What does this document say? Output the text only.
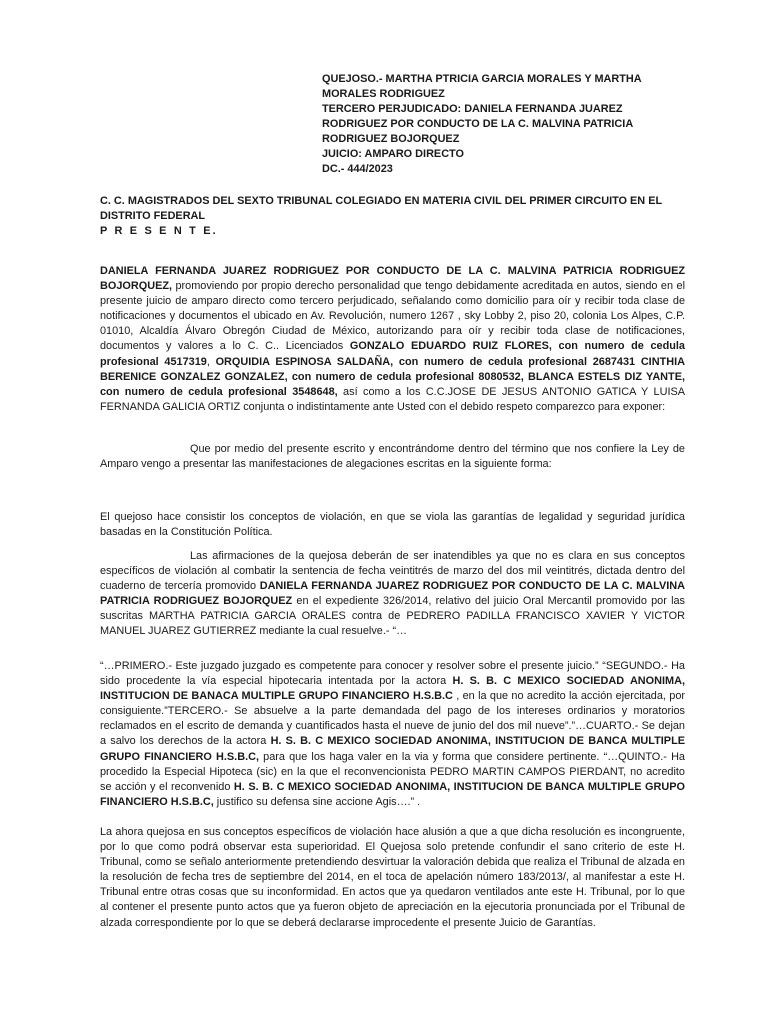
QUEJOSO.- MARTHA PTRICIA GARCIA MORALES Y MARTHA
MORALES RODRIGUEZ
TERCERO PERJUDICADO: DANIELA FERNANDA JUAREZ
RODRIGUEZ POR CONDUCTO DE LA C. MALVINA PATRICIA
RODRIGUEZ BOJORQUEZ
JUICIO: AMPARO DIRECTO
DC.- 444/2023
C. C. MAGISTRADOS DEL SEXTO TRIBUNAL COLEGIADO EN MATERIA CIVIL DEL PRIMER CIRCUITO EN EL
DISTRITO FEDERAL
P R E S E N T E.

DANIELA FERNANDA JUAREZ RODRIGUEZ POR CONDUCTO DE LA C. MALVINA PATRICIA RODRIGUEZ BOJORQUEZ, promoviendo por propio derecho personalidad que tengo debidamente acreditada en autos, siendo en el presente juicio de amparo directo como tercero perjudicado, señalando como domicilio para oír y recibir toda clase de notificaciones y documentos el ubicado en Av. Revolución, numero 1267 , sky Lobby 2, piso 20, colonia Los Alpes, C.P. 01010, Alcaldía Álvaro Obregón Ciudad de México, autorizando para oír y recibir toda clase de notificaciones, documentos y valores a lo C. C.. Licenciados GONZALO EDUARDO RUIZ FLORES, con numero de cedula profesional 4517319, ORQUIDIA ESPINOSA SALDAÑA, con numero de cedula profesional 2687431 CINTHIA BERENICE GONZALEZ GONZALEZ, con numero de cedula profesional 8080532, BLANCA ESTELS DIZ YANTE, con numero de cedula profesional 3548648, así como a los C.C.JOSE DE JESUS ANTONIO GATICA Y LUISA FERNANDA GALICIA ORTIZ conjunta o indistintamente ante Usted con el debido respeto comparezco para exponer:

Que por medio del presente escrito y encontrándome dentro del término que nos confiere la Ley de Amparo vengo a presentar las manifestaciones de alegaciones escritas en la siguiente forma:

El quejoso hace consistir los conceptos de violación, en que se viola las garantías de legalidad y seguridad jurídica basadas en la Constitución Política.

Las afirmaciones de la quejosa deberán de ser inatendibles ya que no es clara en sus conceptos específicos de violación al combatir la sentencia de fecha veintitrés de marzo del dos mil veintitrés, dictada dentro del cuaderno de tercería promovido DANIELA FERNANDA JUAREZ RODRIGUEZ POR CONDUCTO DE LA C. MALVINA PATRICIA RODRIGUEZ BOJORQUEZ en el expediente 326/2014, relativo del juicio Oral Mercantil promovido por las suscritas MARTHA PATRICIA GARCIA ORALES contra de PEDRERO PADILLA FRANCISCO XAVIER Y VICTOR MANUEL JUAREZ GUTIERREZ mediante la cual resuelve.- “…

“…PRIMERO.- Este juzgado juzgado es competente para conocer y resolver sobre el presente juicio.” “SEGUNDO.- Ha sido procedente la vía especial hipotecaria intentada por la actora H. S. B. C MEXICO SOCIEDAD ANONIMA, INSTITUCION DE BANACA MULTIPLE GRUPO FINANCIERO H.S.B.C , en la que no acredito la acción ejercitada, por consiguiente.”TERCERO.- Se absuelve a la parte demandada del pago de los intereses ordinarios y moratorios reclamados en el escrito de demanda y cuantificados hasta el nueve de junio del dos mil nueve”.”…CUARTO.- Se dejan a salvo los derechos de la actora H. S. B. C MEXICO SOCIEDAD ANONIMA, INSTITUCION DE BANCA MULTIPLE GRUPO FINANCIERO H.S.B.C, para que los haga valer en la via y forma que considere pertinente. “…QUINTO.- Ha procedido la Especial Hipoteca (sic) en la que el reconvencionista PEDRO MARTIN CAMPOS PIERDANT, no acredito se acción y el reconvenido H. S. B. C MEXICO SOCIEDAD ANONIMA, INSTITUCION DE BANCA MULTIPLE GRUPO FINANCIERO H.S.B.C, justifico su defensa sine accione Agis….” .

La ahora quejosa en sus conceptos específicos de violación hace alusión a que a que dicha resolución es incongruente, por lo que como podrá observar esta superioridad. El Quejosa solo pretende confundir el sano criterio de este H. Tribunal, como se señalo anteriormente pretendiendo desvirtuar la valoración debida que realiza el Tribunal de alzada en la resolución de fecha tres de septiembre del 2014, en el toca de apelación número 183/2013/, al manifestar a este H. Tribunal entre otras cosas que su inconformidad. En actos que ya quedaron ventilados ante este H. Tribunal, por lo que al contener el presente punto actos que ya fueron objeto de apreciación en la ejecutoria pronunciada por el Tribunal de alzada correspondiente por lo que se deberá declararse improcedente el presente Juicio de Garantías.
